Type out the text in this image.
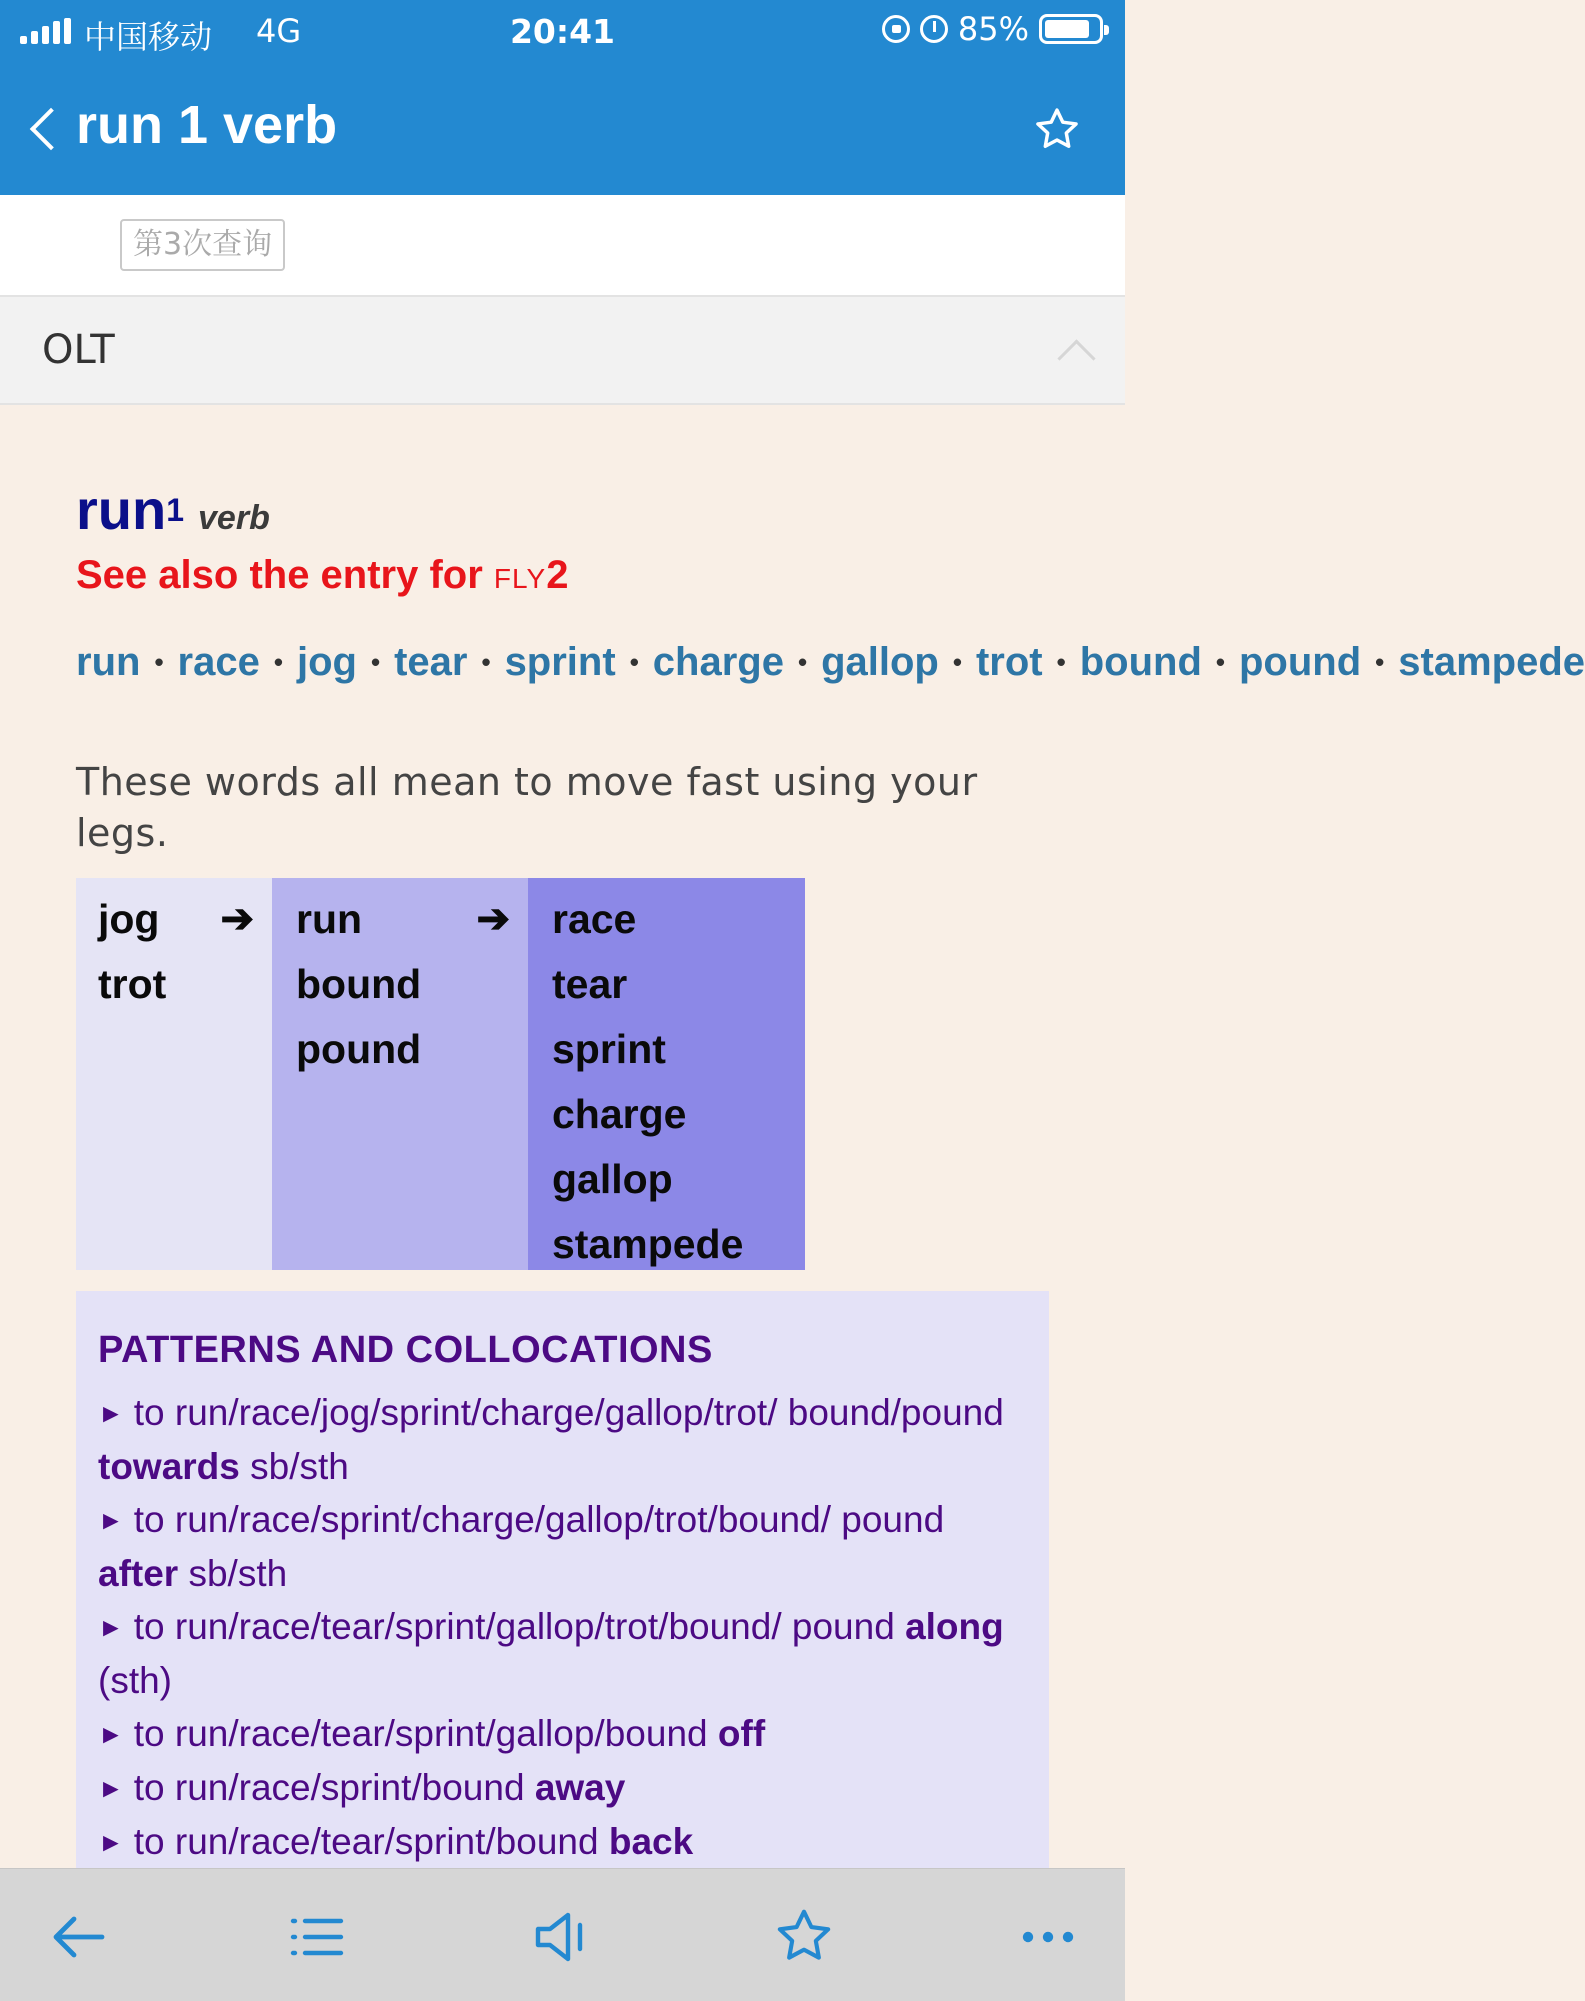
中国移动 4G	20:41	85%
run 1 verb
第3次查询
OLT
run1 verb
See also the entry for FLY2
run • race • jog • tear • sprint • charge • gallop • trot • bound • pound • stampede
These words all mean to move fast using your legs.
➔
jog
trot
➔
run
bound
pound
race
tear
sprint
charge
gallop
stampede
PATTERNS AND COLLOCATIONS
► to run/race/jog/sprint/charge/gallop/trot/ bound/pound towards sb/sth
► to run/race/sprint/charge/gallop/trot/bound/ pound after sb/sth
► to run/race/tear/sprint/gallop/trot/bound/ pound along (sth)
► to run/race/tear/sprint/gallop/bound off
► to run/race/sprint/bound away
► to run/race/tear/sprint/bound back
